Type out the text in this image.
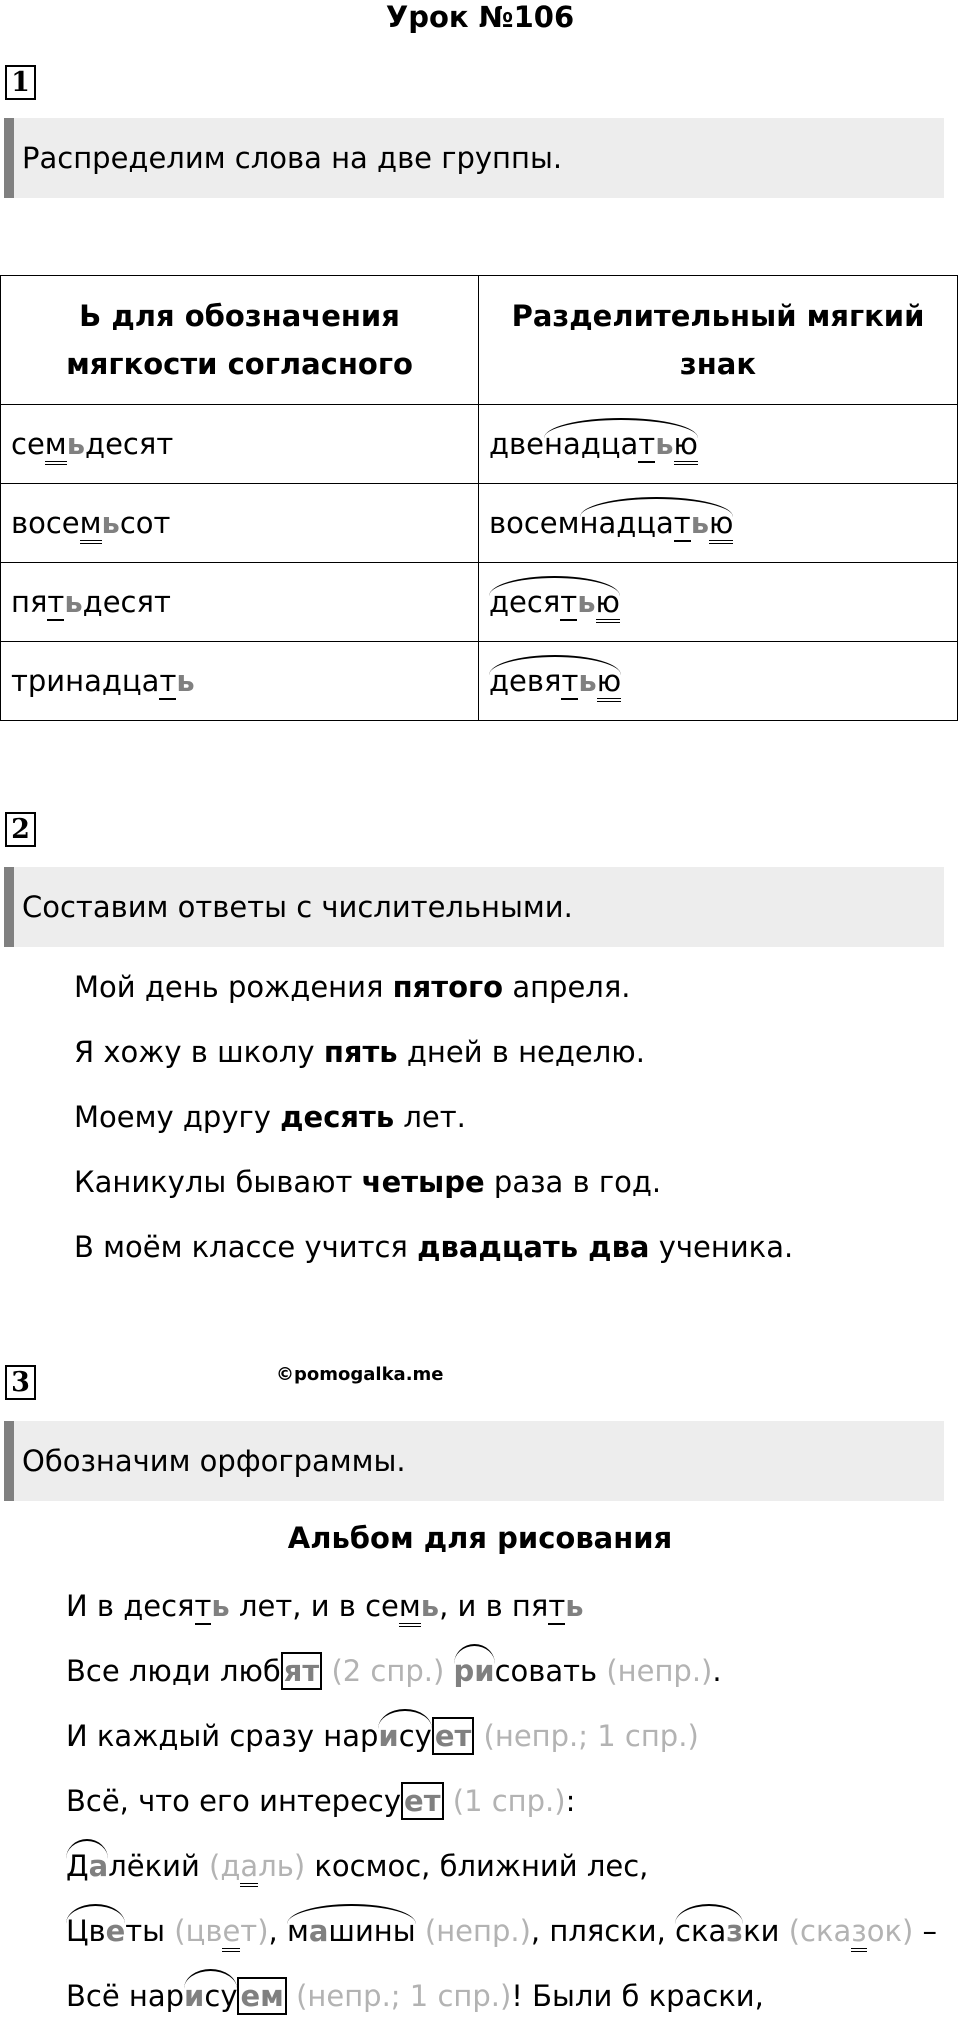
Урок №106
1
Распределим слова на две группы.
Ь для обозначения мягкости согласного	Разделительный мягкий знак
семьдесят	двенадцатью
восемьсот	восемнадцатью
пятьдесят	десятью
тринадцать	девятью
2
Составим ответы с числительными.
Мой день рождения пятого апреля.
Я хожу в школу пять дней в неделю.
Моему другу десять лет.
Каникулы бывают четыре раза в год.
В моём классе учится двадцать два ученика.
3	©pomogalka.me
Обозначим орфограммы.
Альбом для рисования
И в десять лет, и в семь, и в пять
Все люди люб ят (2 спр.) рисовать (непр.).
И каждый сразу нарису ет (непр.; 1 спр.)
Всё, что его интересу ет (1 спр.):
Далёкий (даль) космос, ближний лес,
Цветы (цвет), машины (непр.), пляски, сказки (сказок) –
Всё нарису ем (непр.; 1 спр.)! Были б краски,
